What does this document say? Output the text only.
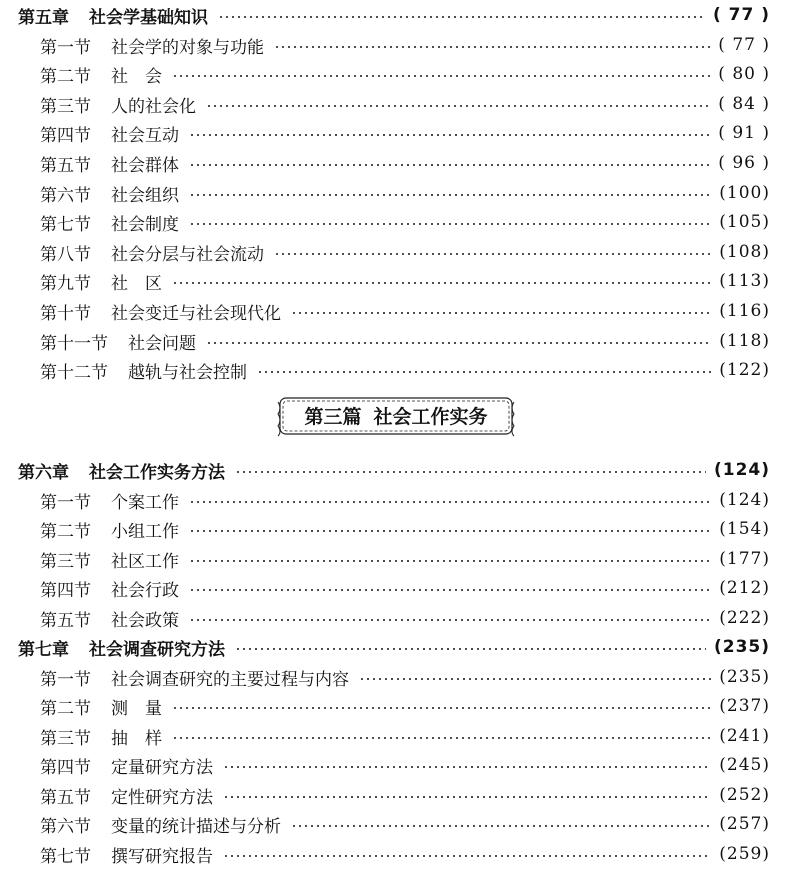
第五章 社会学基础知识	( 77 )
第一节 社会学的对象与功能	( 77 )
第二节 社　会	( 80 )
第三节 人的社会化	( 84 )
第四节 社会互动	( 91 )
第五节 社会群体	( 96 )
第六节 社会组织	(100)
第七节 社会制度	(105)
第八节 社会分层与社会流动	(108)
第九节 社　区	(113)
第十节 社会变迁与社会现代化	(116)
第十一节 社会问题	(118)
第十二节 越轨与社会控制	(122)
第三篇 社会工作实务
第六章 社会工作实务方法	(124)
第一节 个案工作	(124)
第二节 小组工作	(154)
第三节 社区工作	(177)
第四节 社会行政	(212)
第五节 社会政策	(222)
第七章 社会调查研究方法	(235)
第一节 社会调查研究的主要过程与内容	(235)
第二节 测　量	(237)
第三节 抽　样	(241)
第四节 定量研究方法	(245)
第五节 定性研究方法	(252)
第六节 变量的统计描述与分析	(257)
第七节 撰写研究报告	(259)
